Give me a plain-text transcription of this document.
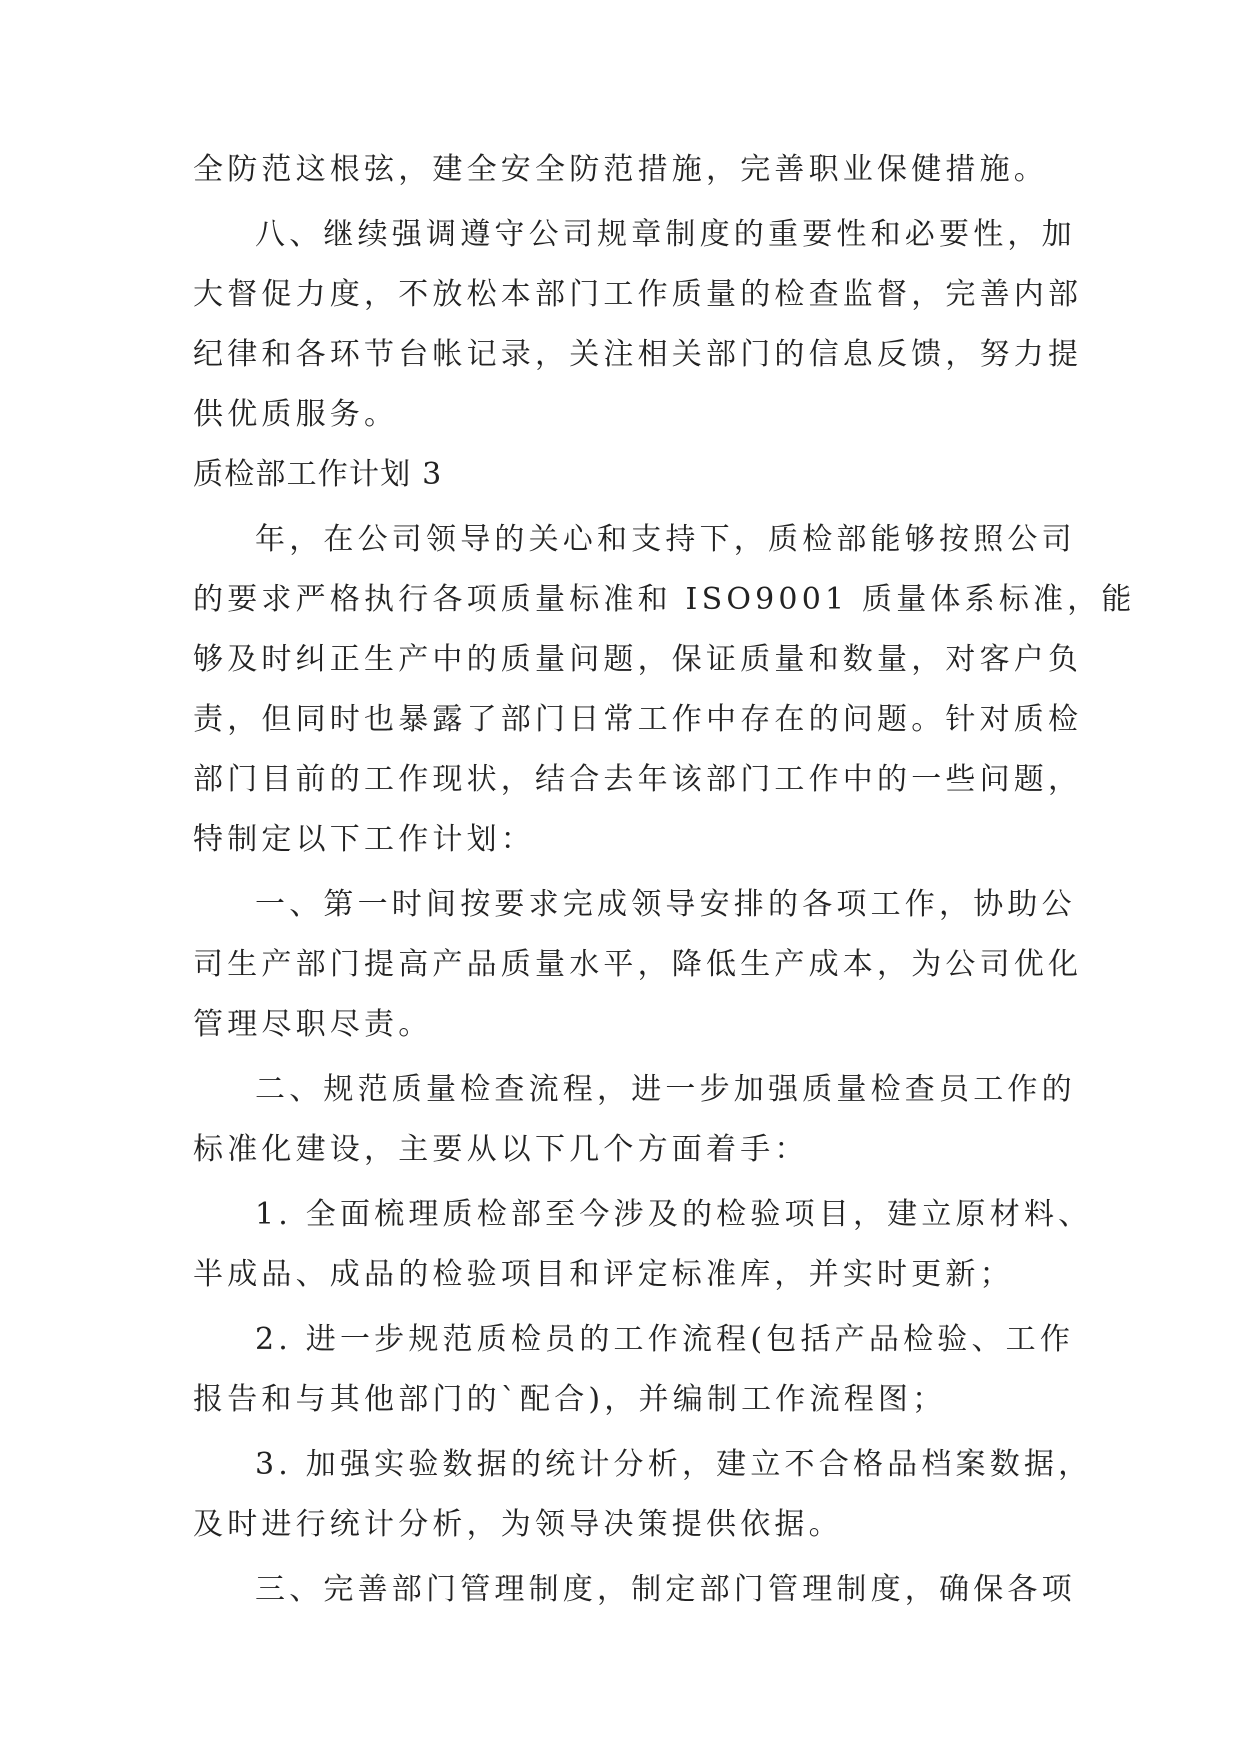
全防范这根弦，建全安全防范措施，完善职业保健措施。
八、继续强调遵守公司规章制度的重要性和必要性，加
大督促力度，不放松本部门工作质量的检查监督，完善内部
纪律和各环节台帐记录，关注相关部门的信息反馈，努力提
供优质服务。
质检部工作计划 3
年，在公司领导的关心和支持下，质检部能够按照公司
的要求严格执行各项质量标准和 ISO9001 质量体系标准，能
够及时纠正生产中的质量问题，保证质量和数量，对客户负
责，但同时也暴露了部门日常工作中存在的问题。针对质检
部门目前的工作现状，结合去年该部门工作中的一些问题，
特制定以下工作计划：
一、第一时间按要求完成领导安排的各项工作，协助公
司生产部门提高产品质量水平，降低生产成本，为公司优化
管理尽职尽责。
二、规范质量检查流程，进一步加强质量检查员工作的
标准化建设，主要从以下几个方面着手：
1. 全面梳理质检部至今涉及的检验项目，建立原材料、
半成品、成品的检验项目和评定标准库，并实时更新；
2. 进一步规范质检员的工作流程(包括产品检验、工作
报告和与其他部门的`配合)，并编制工作流程图；
3. 加强实验数据的统计分析，建立不合格品档案数据，
及时进行统计分析，为领导决策提供依据。
三、完善部门管理制度，制定部门管理制度，确保各项
